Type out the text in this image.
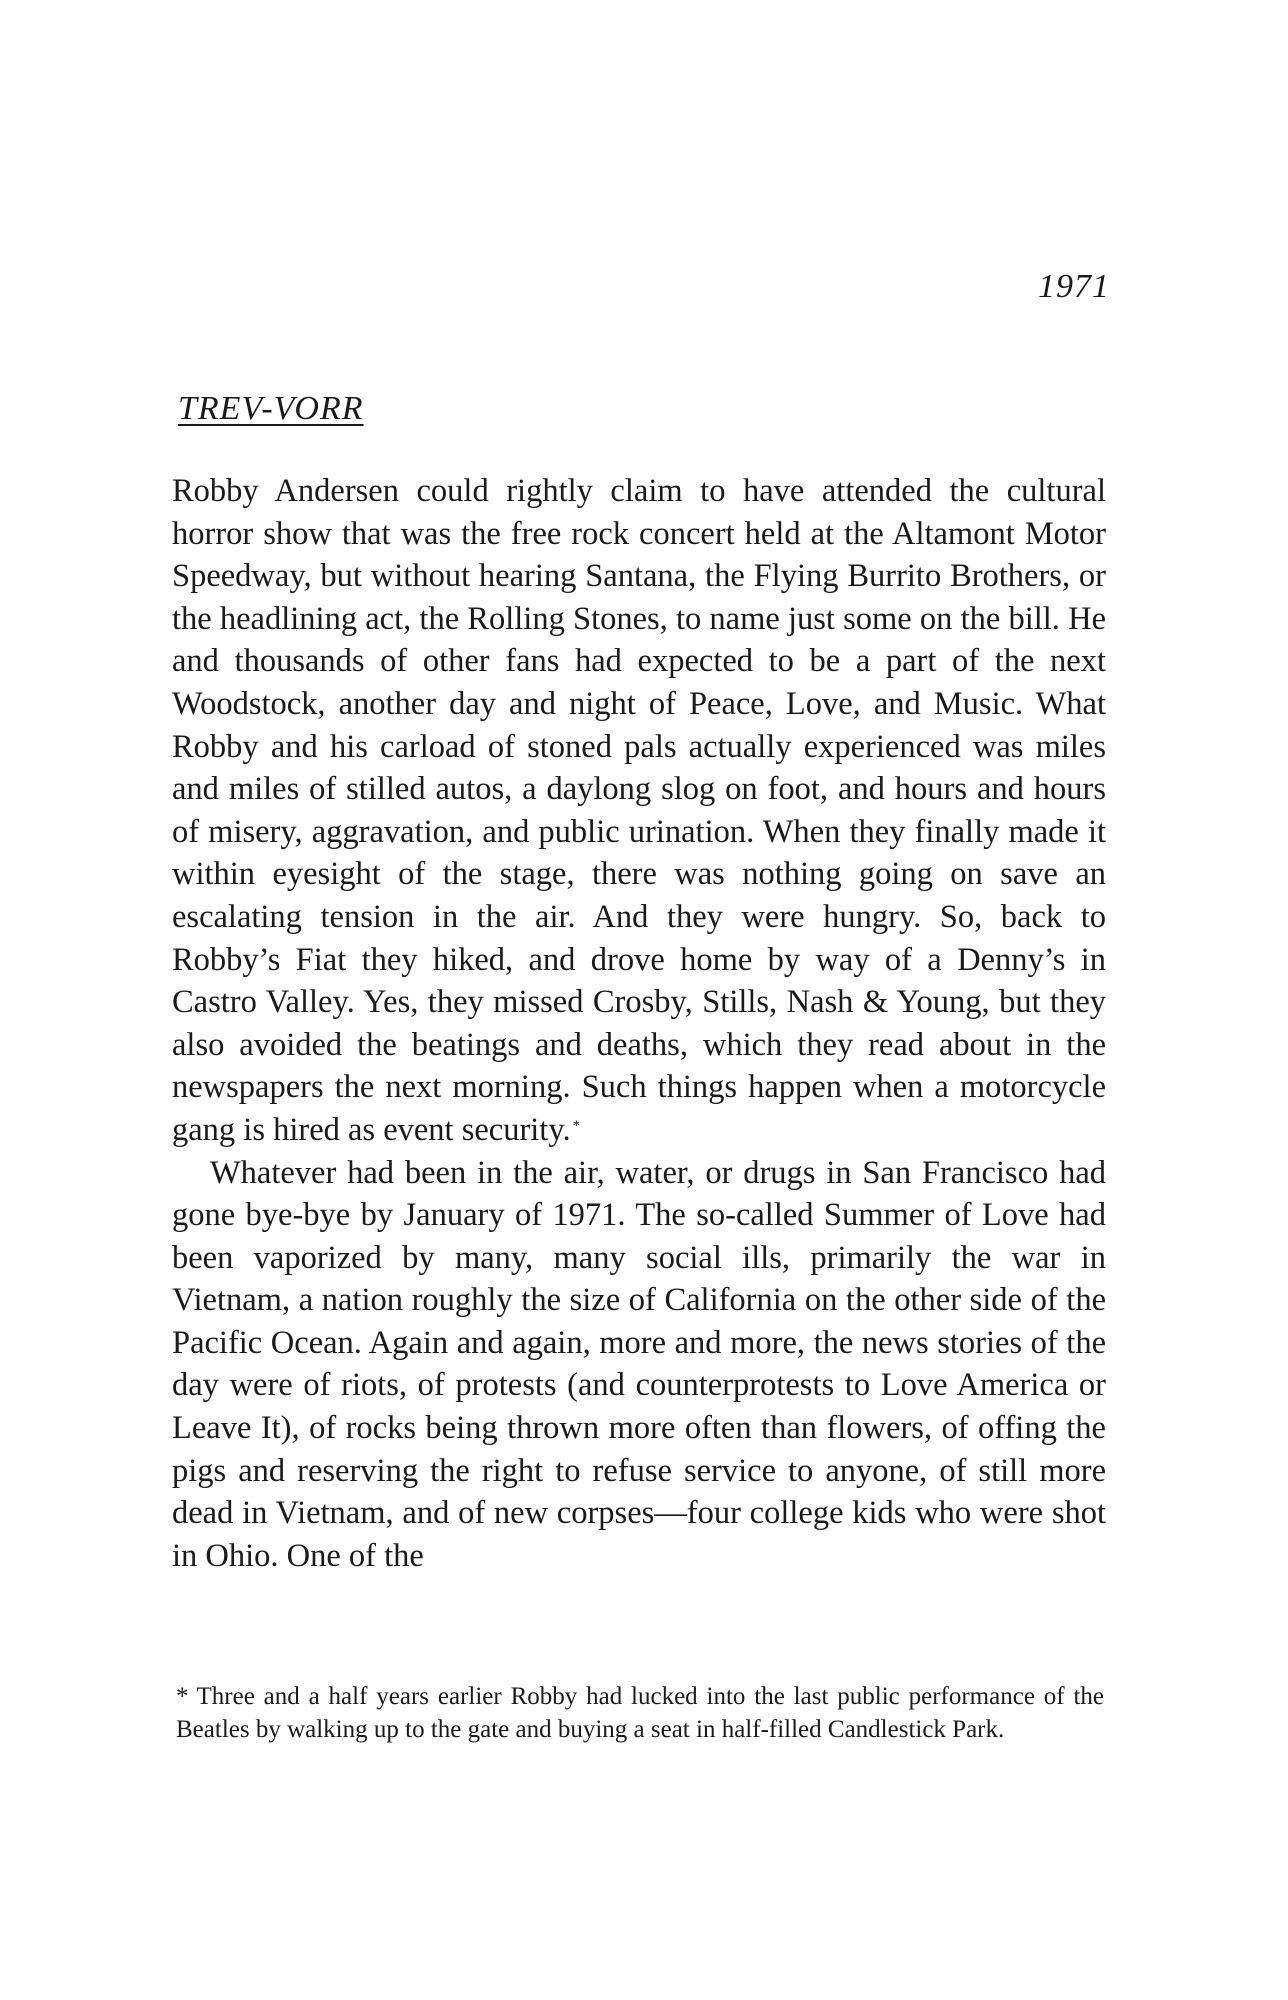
1971
TREV-VORR

Robby Andersen could rightly claim to have attended the cultural horror show that was the free rock concert held at the Altamont Motor Speedway, but without hearing Santana, the Flying Burrito Brothers, or the headlining act, the Rolling Stones, to name just some on the bill. He and thousands of other fans had expected to be a part of the next Woodstock, another day and night of Peace, Love, and Music. What Robby and his carload of stoned pals actually experienced was miles and miles of stilled autos, a daylong slog on foot, and hours and hours of misery, aggravation, and public urination. When they finally made it within eyesight of the stage, there was nothing going on save an escalating tension in the air. And they were hungry. So, back to Robby’s Fiat they hiked, and drove home by way of a Denny’s in Castro Valley. Yes, they missed Crosby, Stills, Nash & Young, but they also avoided the beatings and deaths, which they read about in the newspapers the next morning. Such things happen when a motorcycle gang is hired as event security. *

Whatever had been in the air, water, or drugs in San Francisco had gone bye-bye by January of 1971. The so-called Summer of Love had been vaporized by many, many social ills, primarily the war in Vietnam, a nation roughly the size of California on the other side of the Pacific Ocean. Again and again, more and more, the news stories of the day were of riots, of protests (and counterprotests to Love America or Leave It), of rocks being thrown more often than flowers, of offing the pigs and reserving the right to refuse service to anyone, of still more dead in Vietnam, and of new corpses—four college kids who were shot in Ohio. One of the

* Three and a half years earlier Robby had lucked into the last public performance of the Beatles by walking up to the gate and buying a seat in half-filled Candlestick Park.
